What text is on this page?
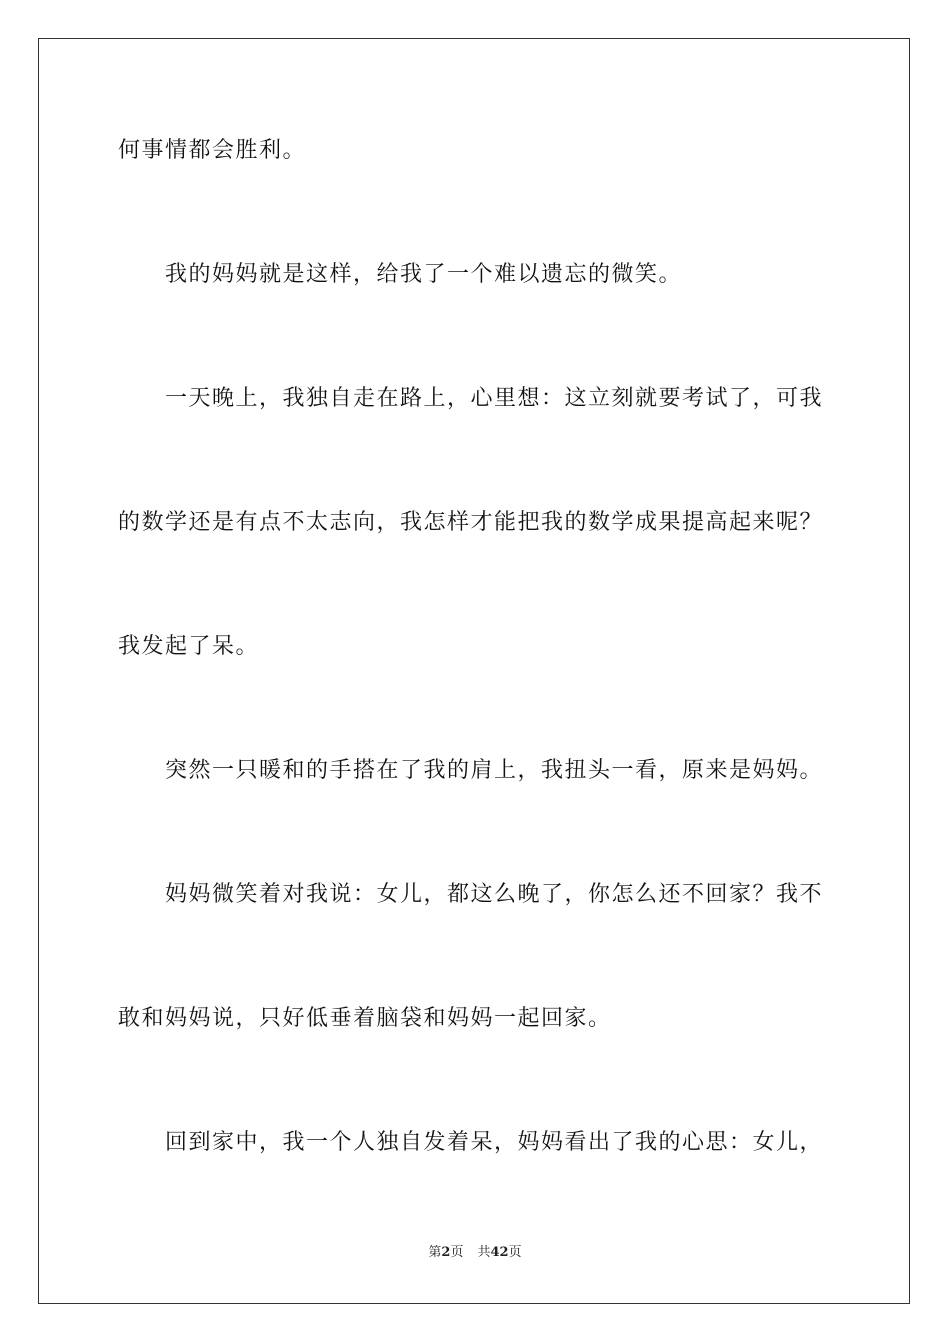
何事情都会胜利。
我的妈妈就是这样，给我了一个难以遗忘的微笑。
一天晚上，我独自走在路上，心里想：这立刻就要考试了，可我
的数学还是有点不太志向，我怎样才能把我的数学成果提高起来呢？
我发起了呆。
突然一只暖和的手搭在了我的肩上，我扭头一看，原来是妈妈。
妈妈微笑着对我说：女儿，都这么晚了，你怎么还不回家？我不
敢和妈妈说，只好低垂着脑袋和妈妈一起回家。
回到家中，我一个人独自发着呆，妈妈看出了我的心思：女儿，
第2页 共42页
